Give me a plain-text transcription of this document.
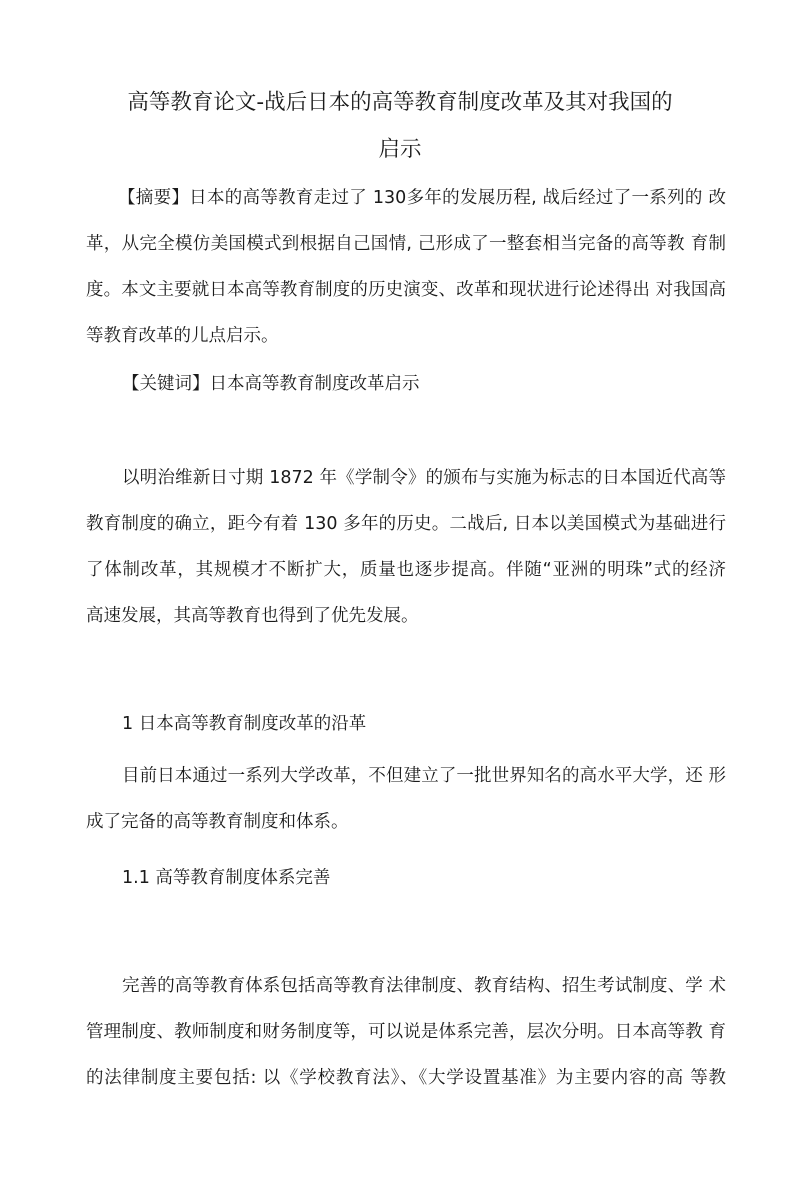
高等教育论文-战后日本的高等教育制度改革及其对我国的
启示
【摘要】日本的高等教育走过了 130多年的发展历程, 战后经过了一系列的 改
革，从完全模仿美国模式到根据自己国情, 己形成了一整套相当完备的高等教 育制
度。本文主要就日本高等教育制度的历史演变、改革和现状进行论述得出 对我国高
等教育改革的儿点启示。
【关键词】日本高等教育制度改革启示
以明治维新日寸期 1872 年《学制令》的颁布与实施为标志的日本国近代高等
教育制度的确立，距今有着 130 多年的历史。二战后, 日本以美国模式为基础进行
了体制改革，其规模才不断扩大，质量也逐步提高。伴随“亚洲的明珠”式的经济
高速发展，其高等教育也得到了优先发展。
1 日本高等教育制度改革的沿革
目前日本通过一系列大学改革，不但建立了一批世界知名的高水平大学，还 形
成了完备的高等教育制度和体系。
1.1 高等教育制度体系完善
完善的高等教育体系包括高等教育法律制度、教育结构、招生考试制度、学 术
管理制度、教师制度和财务制度等，可以说是体系完善，层次分明。日本高等教 育
的法律制度主要包括: 以《学校教育法》、《大学设置基准》为主要内容的高 等教
